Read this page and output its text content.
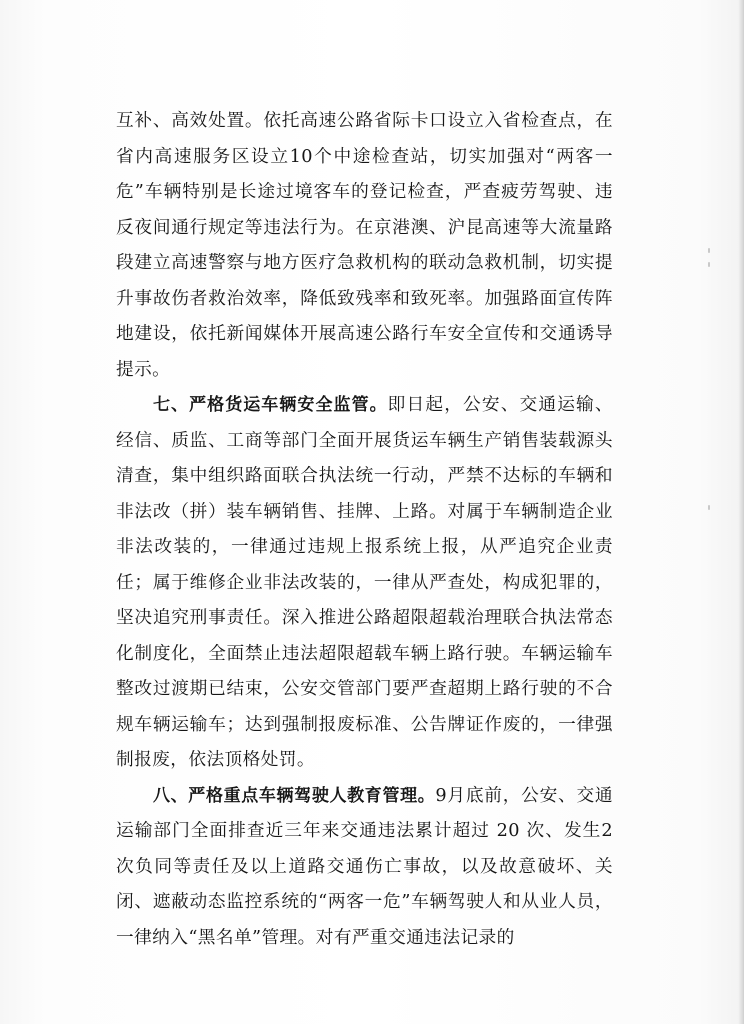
互补、高效处置。依托高速公路省际卡口设立入省检查点，在省内高速服务区设立10个中途检查站，切实加强对“两客一危”车辆特别是长途过境客车的登记检查，严查疲劳驾驶、违反夜间通行规定等违法行为。在京港澳、沪昆高速等大流量路段建立高速警察与地方医疗急救机构的联动急救机制，切实提升事故伤者救治效率，降低致残率和致死率。加强路面宣传阵地建设，依托新闻媒体开展高速公路行车安全宣传和交通诱导提示。

七、严格货运车辆安全监管。即日起，公安、交通运输、经信、质监、工商等部门全面开展货运车辆生产销售装载源头清查，集中组织路面联合执法统一行动，严禁不达标的车辆和非法改（拼）装车辆销售、挂牌、上路。对属于车辆制造企业非法改装的，一律通过违规上报系统上报，从严追究企业责任；属于维修企业非法改装的，一律从严查处，构成犯罪的，坚决追究刑事责任。深入推进公路超限超载治理联合执法常态化制度化，全面禁止违法超限超载车辆上路行驶。车辆运输车整改过渡期已结束，公安交管部门要严查超期上路行驶的不合规车辆运输车；达到强制报废标准、公告牌证作废的，一律强制报废，依法顶格处罚。

八、严格重点车辆驾驶人教育管理。9月底前，公安、交通运输部门全面排查近三年来交通违法累计超过 20 次、发生2次负同等责任及以上道路交通伤亡事故，以及故意破坏、关闭、遮蔽动态监控系统的“两客一危”车辆驾驶人和从业人员，一律纳入“黑名单”管理。对有严重交通违法记录的
